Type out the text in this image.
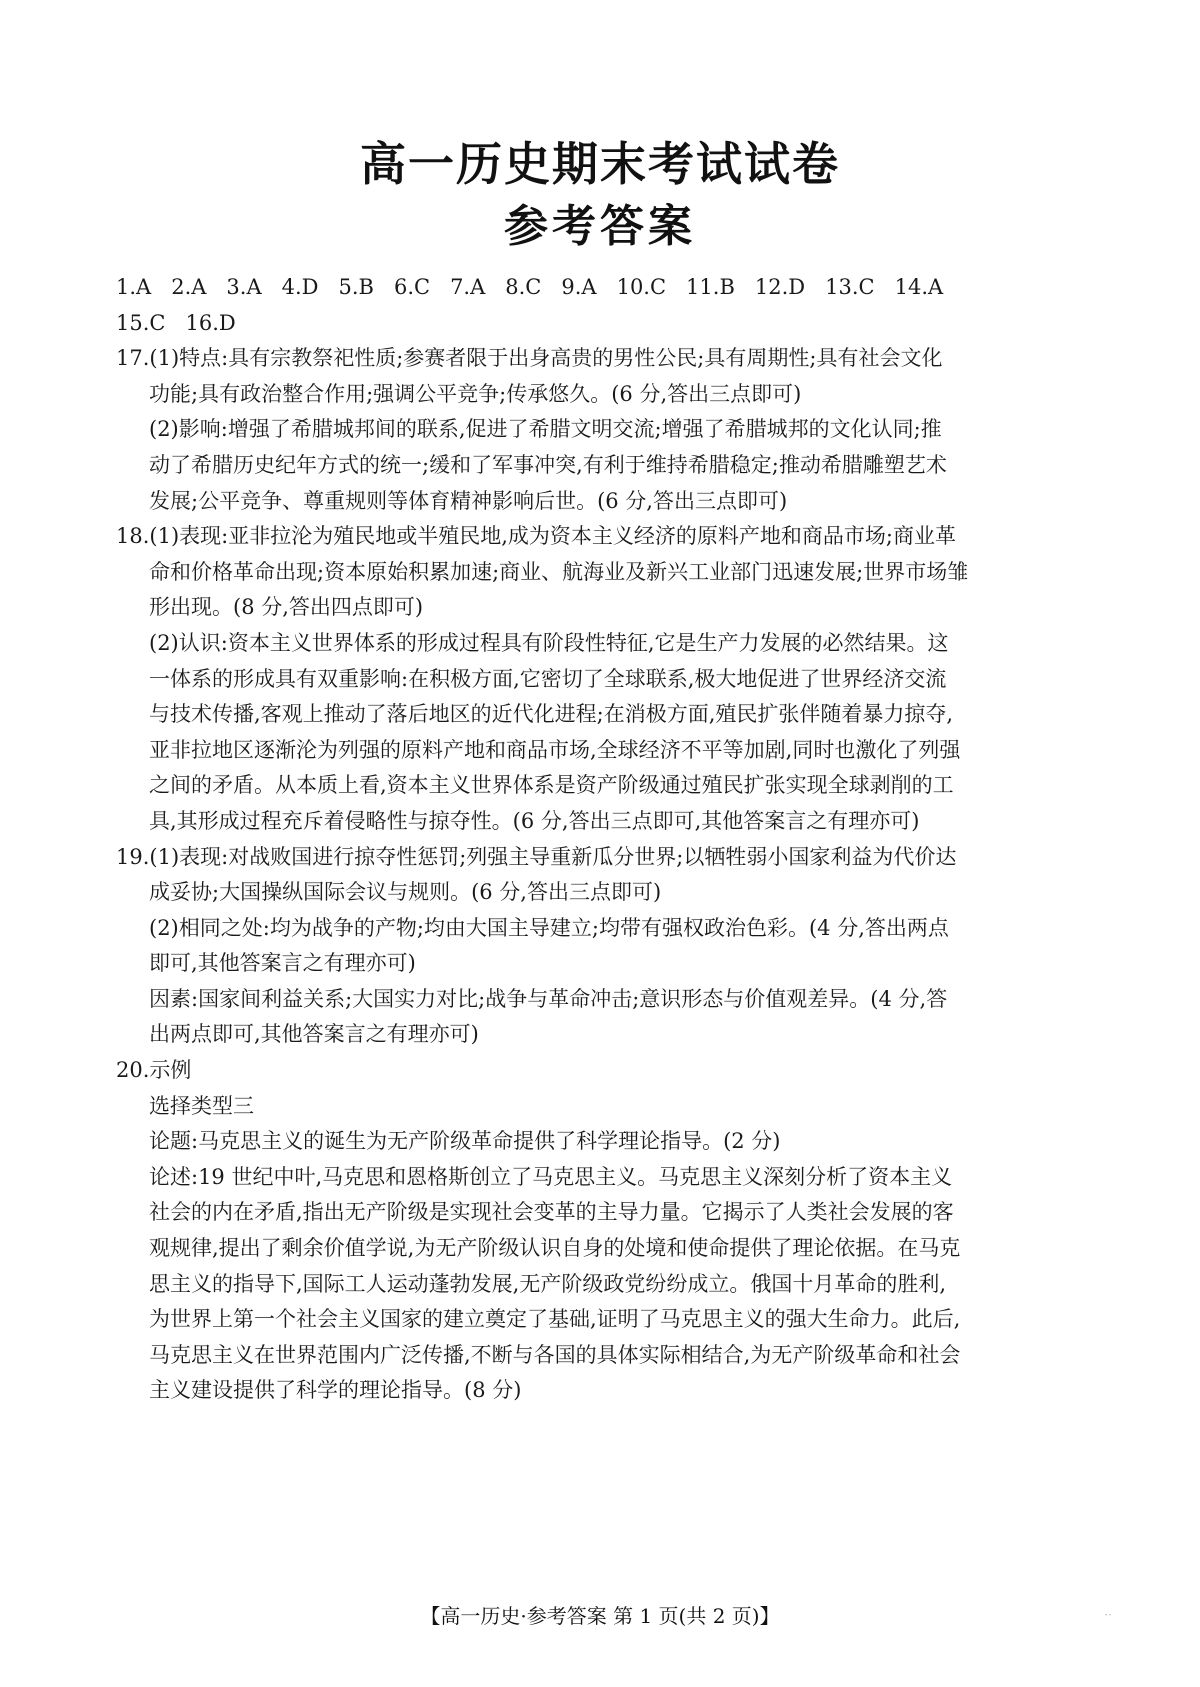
高一历史期末考试试卷
参考答案
1.A 2.A 3.A 4.D 5.B 6.C 7.A 8.C 9.A 10.C 11.B 12.D 13.C 14.A
15.C 16.D
17.(1)特点:具有宗教祭祀性质;参赛者限于出身高贵的男性公民;具有周期性;具有社会文化
功能;具有政治整合作用;强调公平竞争;传承悠久。(6 分,答出三点即可)
(2)影响:增强了希腊城邦间的联系,促进了希腊文明交流;增强了希腊城邦的文化认同;推
动了希腊历史纪年方式的统一;缓和了军事冲突,有利于维持希腊稳定;推动希腊雕塑艺术
发展;公平竞争、尊重规则等体育精神影响后世。(6 分,答出三点即可)
18.(1)表现:亚非拉沦为殖民地或半殖民地,成为资本主义经济的原料产地和商品市场;商业革
命和价格革命出现;资本原始积累加速;商业、航海业及新兴工业部门迅速发展;世界市场雏
形出现。(8 分,答出四点即可)
(2)认识:资本主义世界体系的形成过程具有阶段性特征,它是生产力发展的必然结果。这
一体系的形成具有双重影响:在积极方面,它密切了全球联系,极大地促进了世界经济交流
与技术传播,客观上推动了落后地区的近代化进程;在消极方面,殖民扩张伴随着暴力掠夺,
亚非拉地区逐渐沦为列强的原料产地和商品市场,全球经济不平等加剧,同时也激化了列强
之间的矛盾。从本质上看,资本主义世界体系是资产阶级通过殖民扩张实现全球剥削的工
具,其形成过程充斥着侵略性与掠夺性。(6 分,答出三点即可,其他答案言之有理亦可)
19.(1)表现:对战败国进行掠夺性惩罚;列强主导重新瓜分世界;以牺牲弱小国家利益为代价达
成妥协;大国操纵国际会议与规则。(6 分,答出三点即可)
(2)相同之处:均为战争的产物;均由大国主导建立;均带有强权政治色彩。(4 分,答出两点
即可,其他答案言之有理亦可)
因素:国家间利益关系;大国实力对比;战争与革命冲击;意识形态与价值观差异。(4 分,答
出两点即可,其他答案言之有理亦可)
20.示例
选择类型三
论题:马克思主义的诞生为无产阶级革命提供了科学理论指导。(2 分)
论述:19 世纪中叶,马克思和恩格斯创立了马克思主义。马克思主义深刻分析了资本主义
社会的内在矛盾,指出无产阶级是实现社会变革的主导力量。它揭示了人类社会发展的客
观规律,提出了剩余价值学说,为无产阶级认识自身的处境和使命提供了理论依据。在马克
思主义的指导下,国际工人运动蓬勃发展,无产阶级政党纷纷成立。俄国十月革命的胜利,
为世界上第一个社会主义国家的建立奠定了基础,证明了马克思主义的强大生命力。此后,
马克思主义在世界范围内广泛传播,不断与各国的具体实际相结合,为无产阶级革命和社会
主义建设提供了科学的理论指导。(8 分)
【高一历史·参考答案 第 1 页(共 2 页)】	··
